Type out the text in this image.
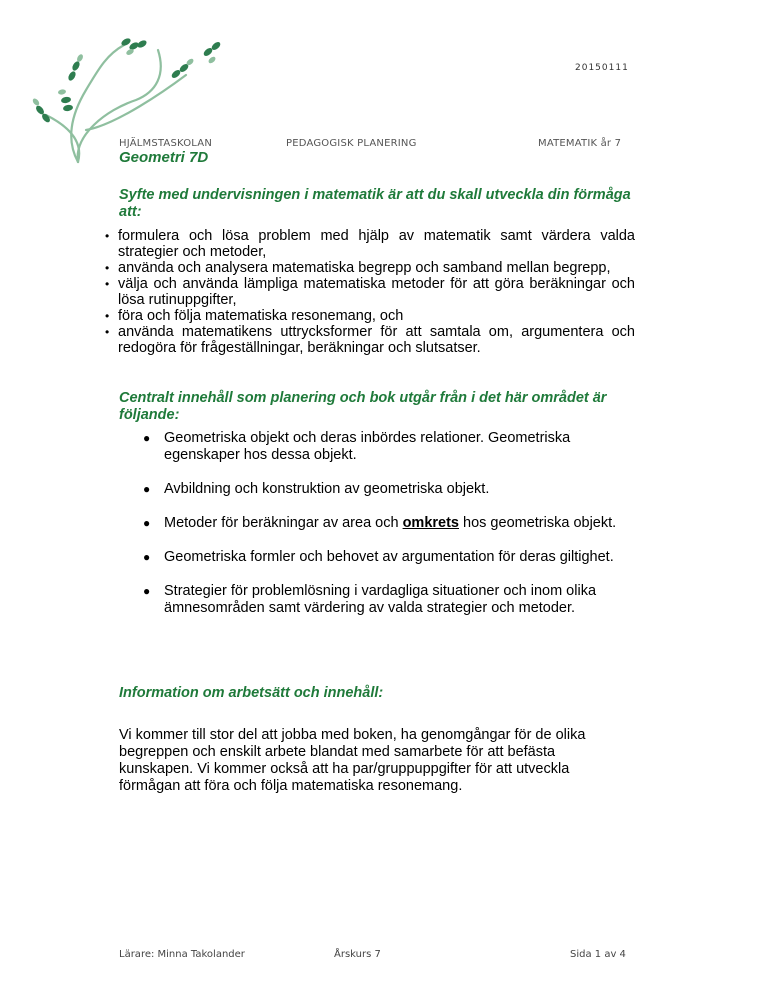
20150111
HJÄLMSTASKOLAN	PEDAGOGISK PLANERING	MATEMATIK år 7
Geometri 7D
Syfte med undervisningen i matematik är att du skall utveckla din förmåga att:
• formulera och lösa problem med hjälp av matematik samt värdera valda strategier och metoder,
• använda och analysera matematiska begrepp och samband mellan begrepp,
• välja och använda lämpliga matematiska metoder för att göra beräkningar och lösa rutinuppgifter,
• föra och följa matematiska resonemang, och
• använda matematikens uttrycksformer för att samtala om, argumentera och redogöra för frågeställningar, beräkningar och slutsatser.
Centralt innehåll som planering och bok utgår från i det här området är följande:
● Geometriska objekt och deras inbördes relationer. Geometriska egenskaper hos dessa objekt.
● Avbildning och konstruktion av geometriska objekt.
● Metoder för beräkningar av area och omkrets hos geometriska objekt.
● Geometriska formler och behovet av argumentation för deras giltighet.
● Strategier för problemlösning i vardagliga situationer och inom olika ämnesområden samt värdering av valda strategier och metoder.
Information om arbetsätt och innehåll:
Vi kommer till stor del att jobba med boken, ha genomgångar för de olika begreppen och enskilt arbete blandat med samarbete för att befästa kunskapen. Vi kommer också att ha par/gruppuppgifter för att utveckla förmågan att föra och följa matematiska resonemang.
Lärare: Minna Takolander	Årskurs 7	Sida 1 av 4
